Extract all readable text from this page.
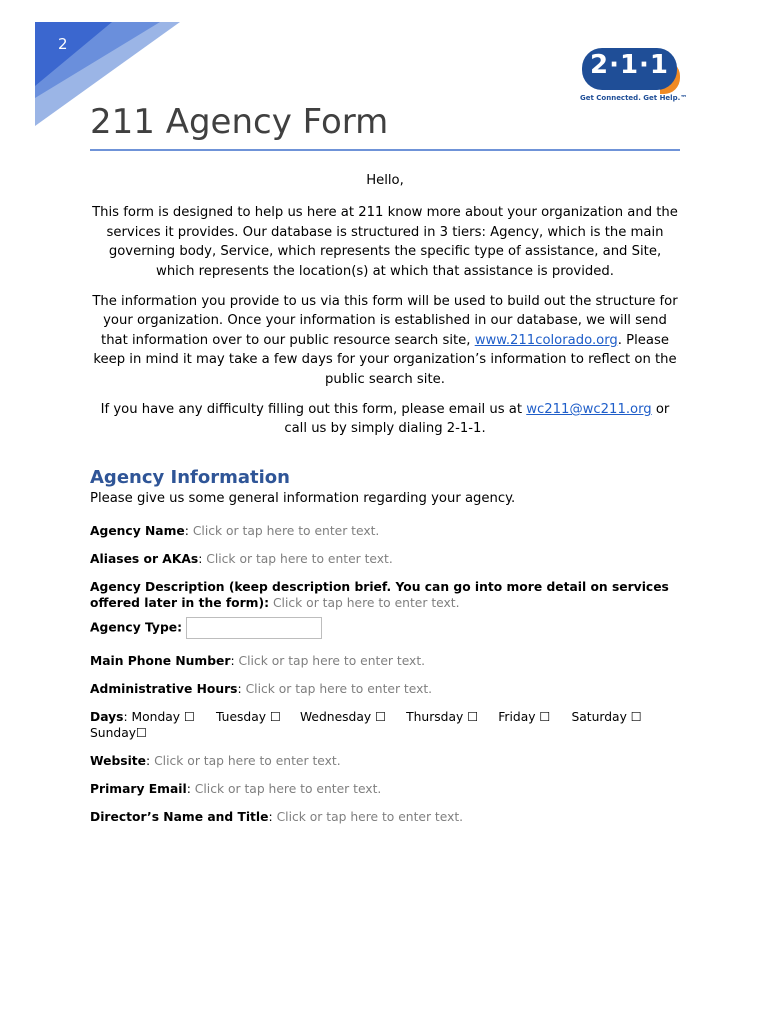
2
2·1·1
Get Connected. Get Help.™
211 Agency Form

Hello,

This form is designed to help us here at 211 know more about your organization and the services it provides. Our database is structured in 3 tiers: Agency, which is the main governing body, Service, which represents the specific type of assistance, and Site, which represents the location(s) at which that assistance is provided.

The information you provide to us via this form will be used to build out the structure for your organization. Once your information is established in our database, we will send that information over to our public resource search site, www.211colorado.org. Please keep in mind it may take a few days for your organization’s information to reflect on the public search site.

If you have any difficulty filling out this form, please email us at wc211@wc211.org or call us by simply dialing 2-1-1.

Agency Information

Please give us some general information regarding your agency.

Agency Name: Click or tap here to enter text.
Aliases or AKAs: Click or tap here to enter text.
Agency Description (keep description brief. You can go into more detail on services offered later in the form): Click or tap here to enter text.
Agency Type:
Main Phone Number: Click or tap here to enter text.
Administrative Hours: Click or tap here to enter text.
Days: Monday ☐ Tuesday ☐ Wednesday ☐ Thursday ☐ Friday ☐ Saturday ☐
Sunday☐
Website: Click or tap here to enter text.
Primary Email: Click or tap here to enter text.
Director’s Name and Title: Click or tap here to enter text.
